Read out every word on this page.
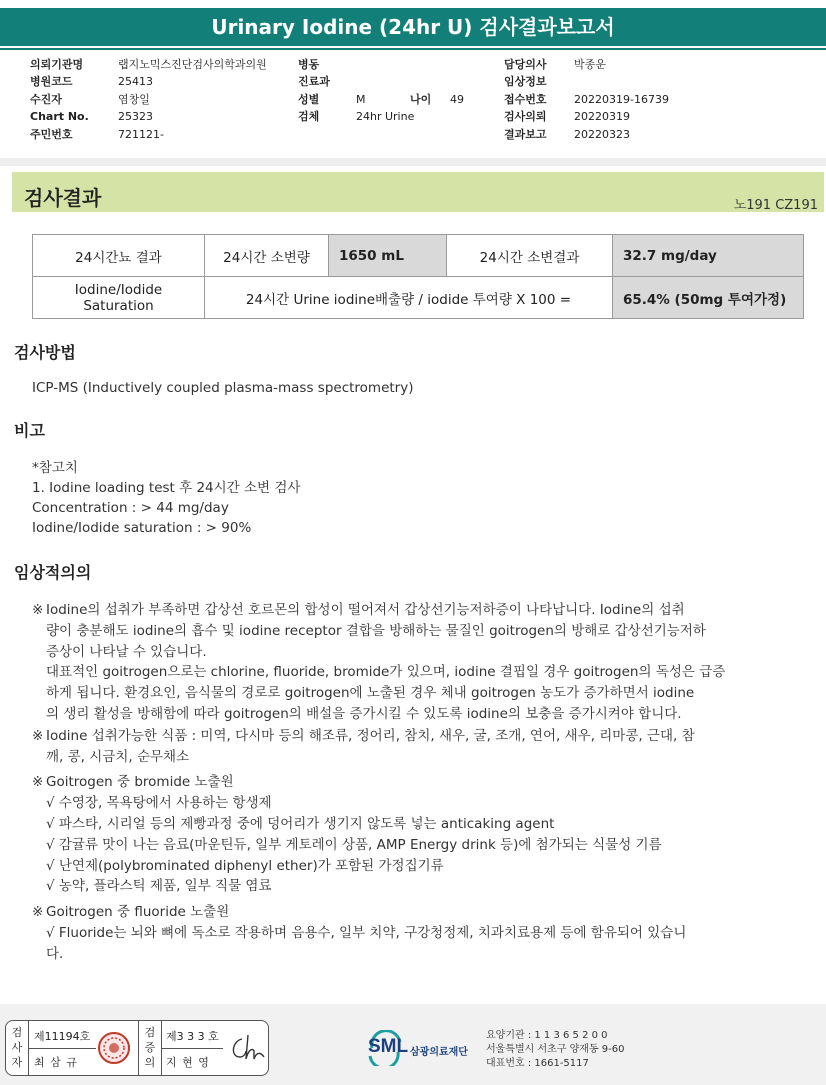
Urinary Iodine (24hr U) 검사결과보고서
의뢰기관명	랩지노믹스진단검사의학과의원
병원코드	25413
수진자	염창일
Chart No.	25323
주민번호	721121-
병동
진료과
성별	M	나이 49
검체	24hr Urine
담당의사 박종운
임상정보
접수번호 20220319-16739
검사의뢰 20220319
결과보고 20220323
검사결과	노191 CZ191
24시간뇨 결과	24시간 소변량	1650 mL	24시간 소변결과	32.7 mg/day
Iodine/Iodide Saturation	24시간 Urine iodine배출량 / iodide 투여량 X 100 =			65.4% (50mg 투여가정)
검사방법
ICP-MS (Inductively coupled plasma-mass spectrometry)
비고
*참고치
1. Iodine loading test 후 24시간 소변 검사
Concentration : > 44 mg/day
Iodine/Iodide saturation : > 90%
임상적의의
※ Iodine의 섭취가 부족하면 갑상선 호르몬의 합성이 떨어져서 갑상선기능저하증이 나타납니다. Iodine의 섭취
량이 충분해도 iodine의 흡수 및 iodine receptor 결합을 방해하는 물질인 goitrogen의 방해로 갑상선기능저하
증상이 나타날 수 있습니다.
대표적인 goitrogen으로는 chlorine, fluoride, bromide가 있으며, iodine 결핍일 경우 goitrogen의 독성은 급증
하게 됩니다. 환경요인, 음식물의 경로로 goitrogen에 노출된 경우 체내 goitrogen 농도가 증가하면서 iodine
의 생리 활성을 방해함에 따라 goitrogen의 배설을 증가시킬 수 있도록 iodine의 보충을 증가시켜야 합니다.
※ Iodine 섭취가능한 식품 : 미역, 다시마 등의 해조류, 정어리, 참치, 새우, 굴, 조개, 연어, 새우, 리마콩, 근대, 참
깨, 콩, 시금치, 순무채소
※ Goitrogen 중 bromide 노출원
√ 수영장, 목욕탕에서 사용하는 항생제
√ 파스타, 시리얼 등의 제빵과정 중에 덩어리가 생기지 않도록 넣는 anticaking agent
√ 감귤류 맛이 나는 음료(마운틴듀, 일부 게토레이 상품, AMP Energy drink 등)에 첨가되는 식물성 기름
√ 난연제(polybrominated diphenyl ether)가 포함된 가정집기류
√ 농약, 플라스틱 제품, 일부 직물 염료
※ Goitrogen 중 fluoride 노출원
√ Fluoride는 뇌와 뼈에 독소로 작용하며 음용수, 일부 치약, 구강청정제, 치과치료용제 등에 함유되어 있습니
다.
검
사
자
제11194호
최 삼 규
검
증
의
제3 3 3 호
지 현 영
SML 삼광의료재단
요양기관 : 1 1 3 6 5 2 0 0
서울특별시 서초구 양재동 9-60
대표번호 : 1661-5117
